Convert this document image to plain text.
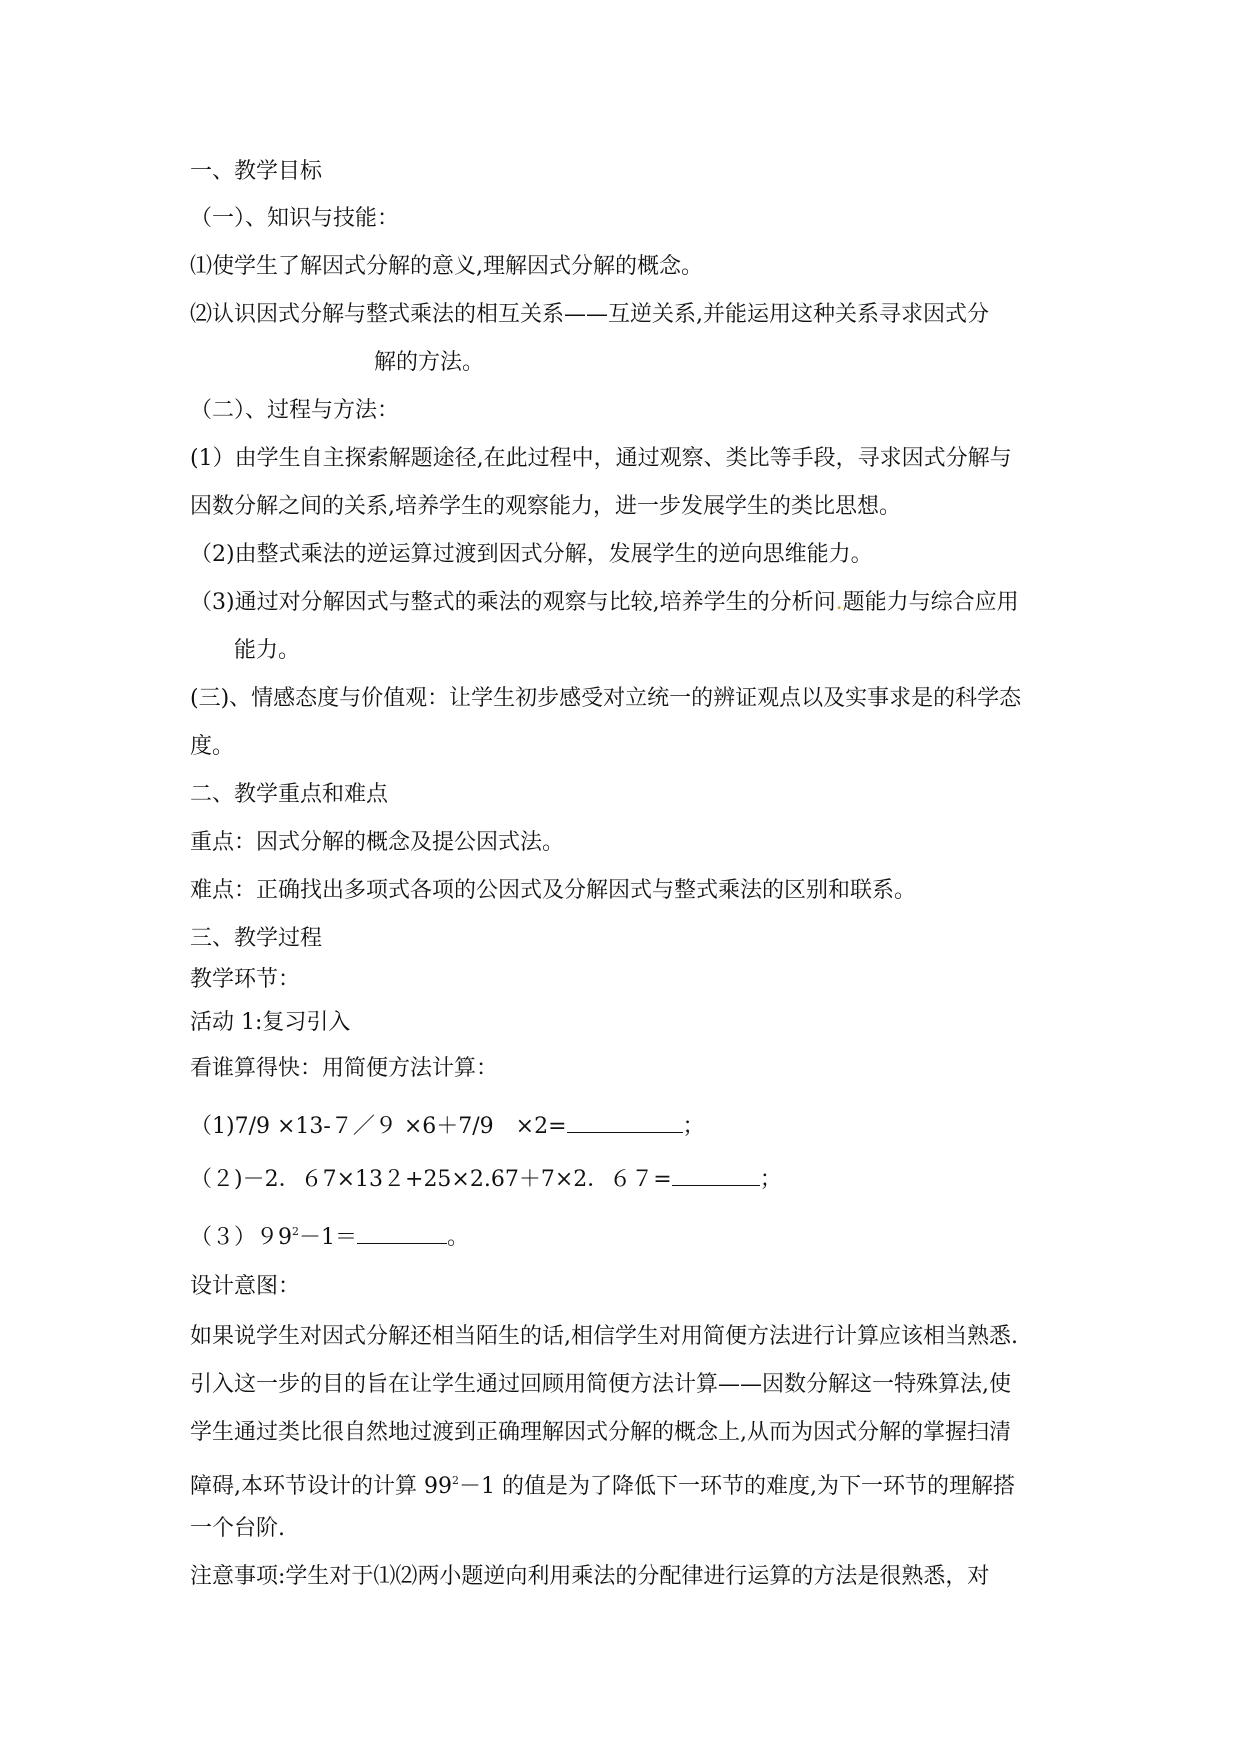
一、教学目标
（一）、知识与技能：
⑴使学生了解因式分解的意义,理解因式分解的概念。
⑵认识因式分解与整式乘法的相互关系——互逆关系,并能运用这种关系寻求因式分
解的方法。
（二）、过程与方法：
(1）由学生自主探索解题途径,在此过程中，通过观察、类比等手段，寻求因式分解与
因数分解之间的关系,培养学生的观察能力，进一步发展学生的类比思想。
（2)由整式乘法的逆运算过渡到因式分解，发展学生的逆向思维能力。
（3)通过对分解因式与整式的乘法的观察与比较,培养学生的分析问.题能力与综合应用
能力。
(三)、情感态度与价值观：让学生初步感受对立统一的辨证观点以及实事求是的科学态
度。
二、教学重点和难点
重点：因式分解的概念及提公因式法。
难点：正确找出多项式各项的公因式及分解因式与整式乘法的区别和联系。
三、教学过程
教学环节：
活动 1:复习引入
看谁算得快：用简便方法计算：
（1)7/9 ×13-７／９ ×6＋7/9　×2=	；
（２)－2．６7×13２+25×2.67＋7×2．６７=	；
$(3)99^2-1=$	。
设计意图：
如果说学生对因式分解还相当陌生的话,相信学生对用简便方法进行计算应该相当熟悉.
引入这一步的目的旨在让学生通过回顾用简便方法计算——因数分解这一特殊算法,使
学生通过类比很自然地过渡到正确理解因式分解的概念上,从而为因式分解的掌握扫清
障碍,本环节设计的计算 $99^2-1$ 的值是为了降低下一环节的难度,为下一环节的理解搭
一个台阶.
注意事项:学生对于⑴⑵两小题逆向利用乘法的分配律进行运算的方法是很熟悉，对
